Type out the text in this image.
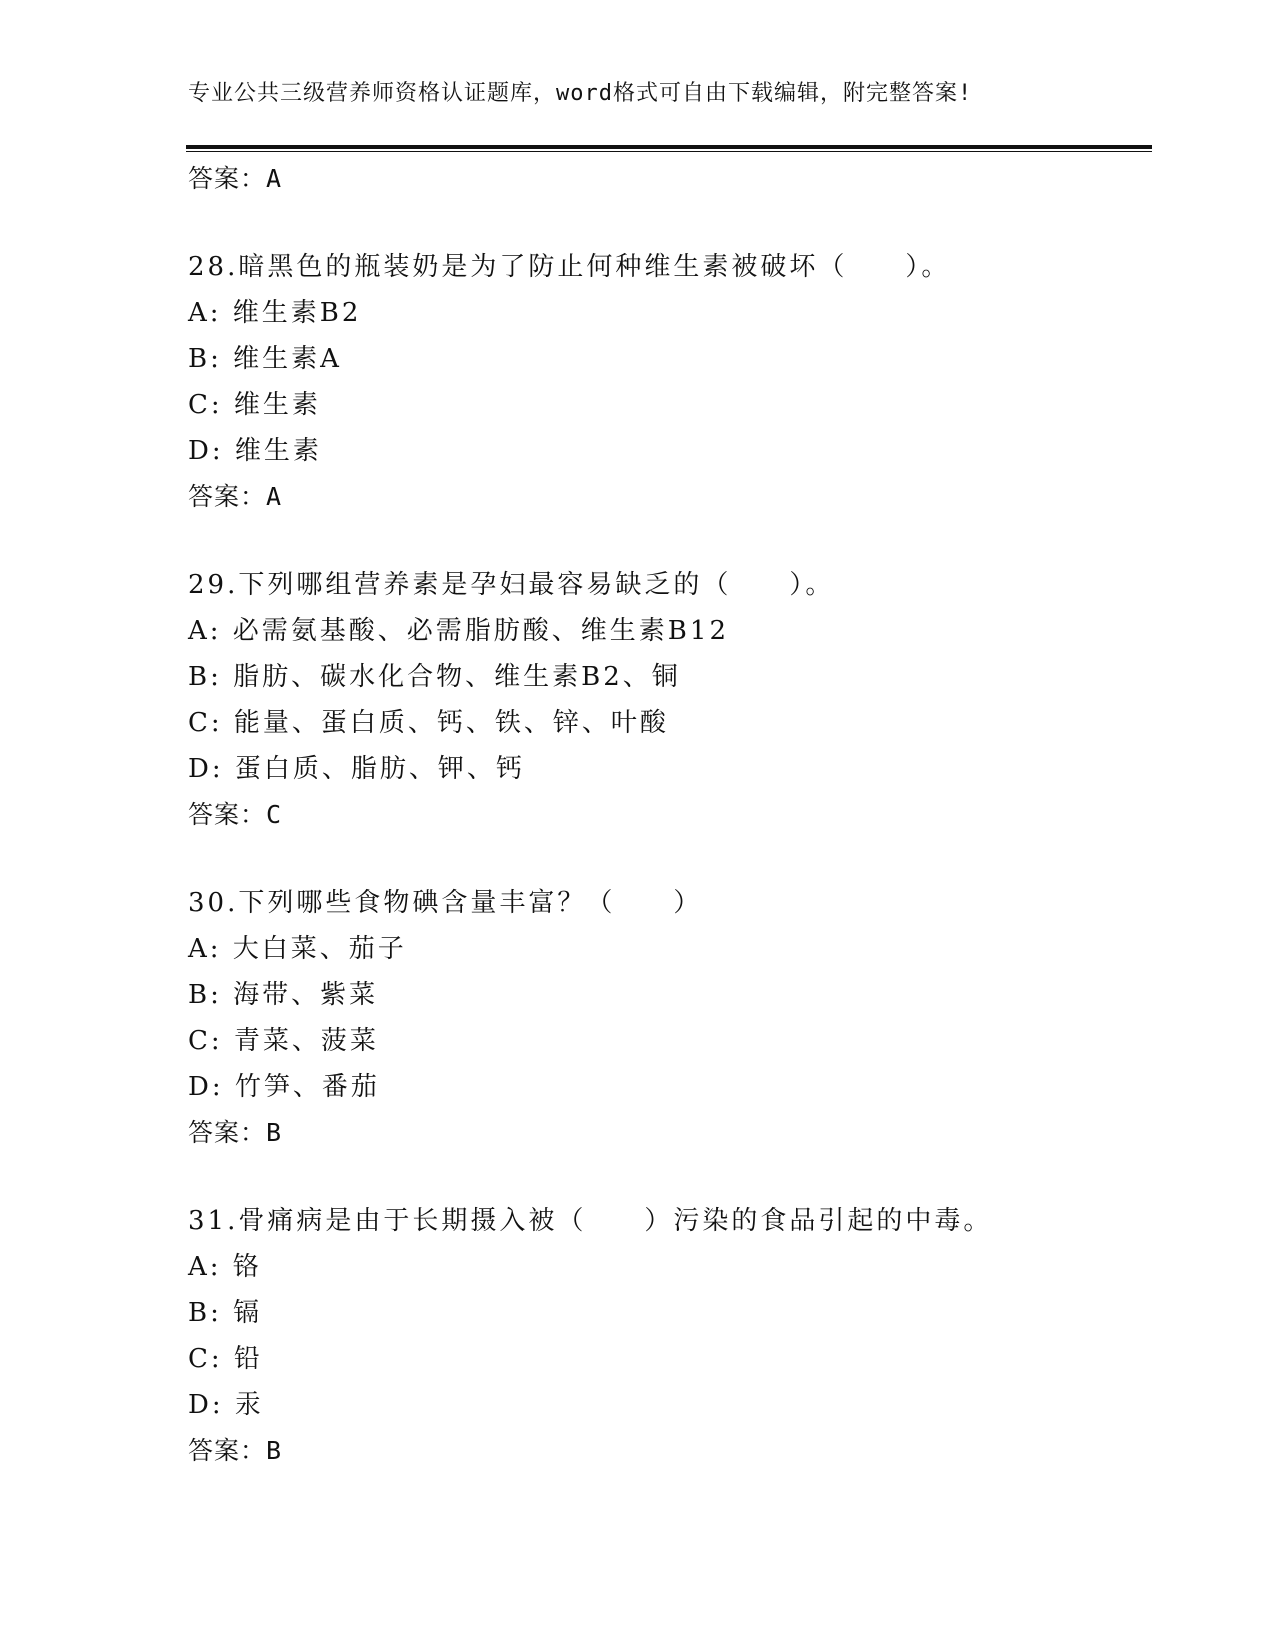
专业公共三级营养师资格认证题库，word格式可自由下载编辑，附完整答案!
答案：A
28.暗黑色的瓶装奶是为了防止何种维生素被破坏（　　）。
A: 维生素B2
B: 维生素A
C: 维生素
D: 维生素
答案：A
29.下列哪组营养素是孕妇最容易缺乏的（　　）。
A: 必需氨基酸、必需脂肪酸、维生素B12
B: 脂肪、碳水化合物、维生素B2、铜
C: 能量、蛋白质、钙、铁、锌、叶酸
D: 蛋白质、脂肪、钾、钙
答案：C
30.下列哪些食物碘含量丰富？（　　）
A: 大白菜、茄子
B: 海带、紫菜
C: 青菜、菠菜
D: 竹笋、番茄
答案：B
31.骨痛病是由于长期摄入被（　　）污染的食品引起的中毒。
A: 铬
B: 镉
C: 铅
D: 汞
答案：B
